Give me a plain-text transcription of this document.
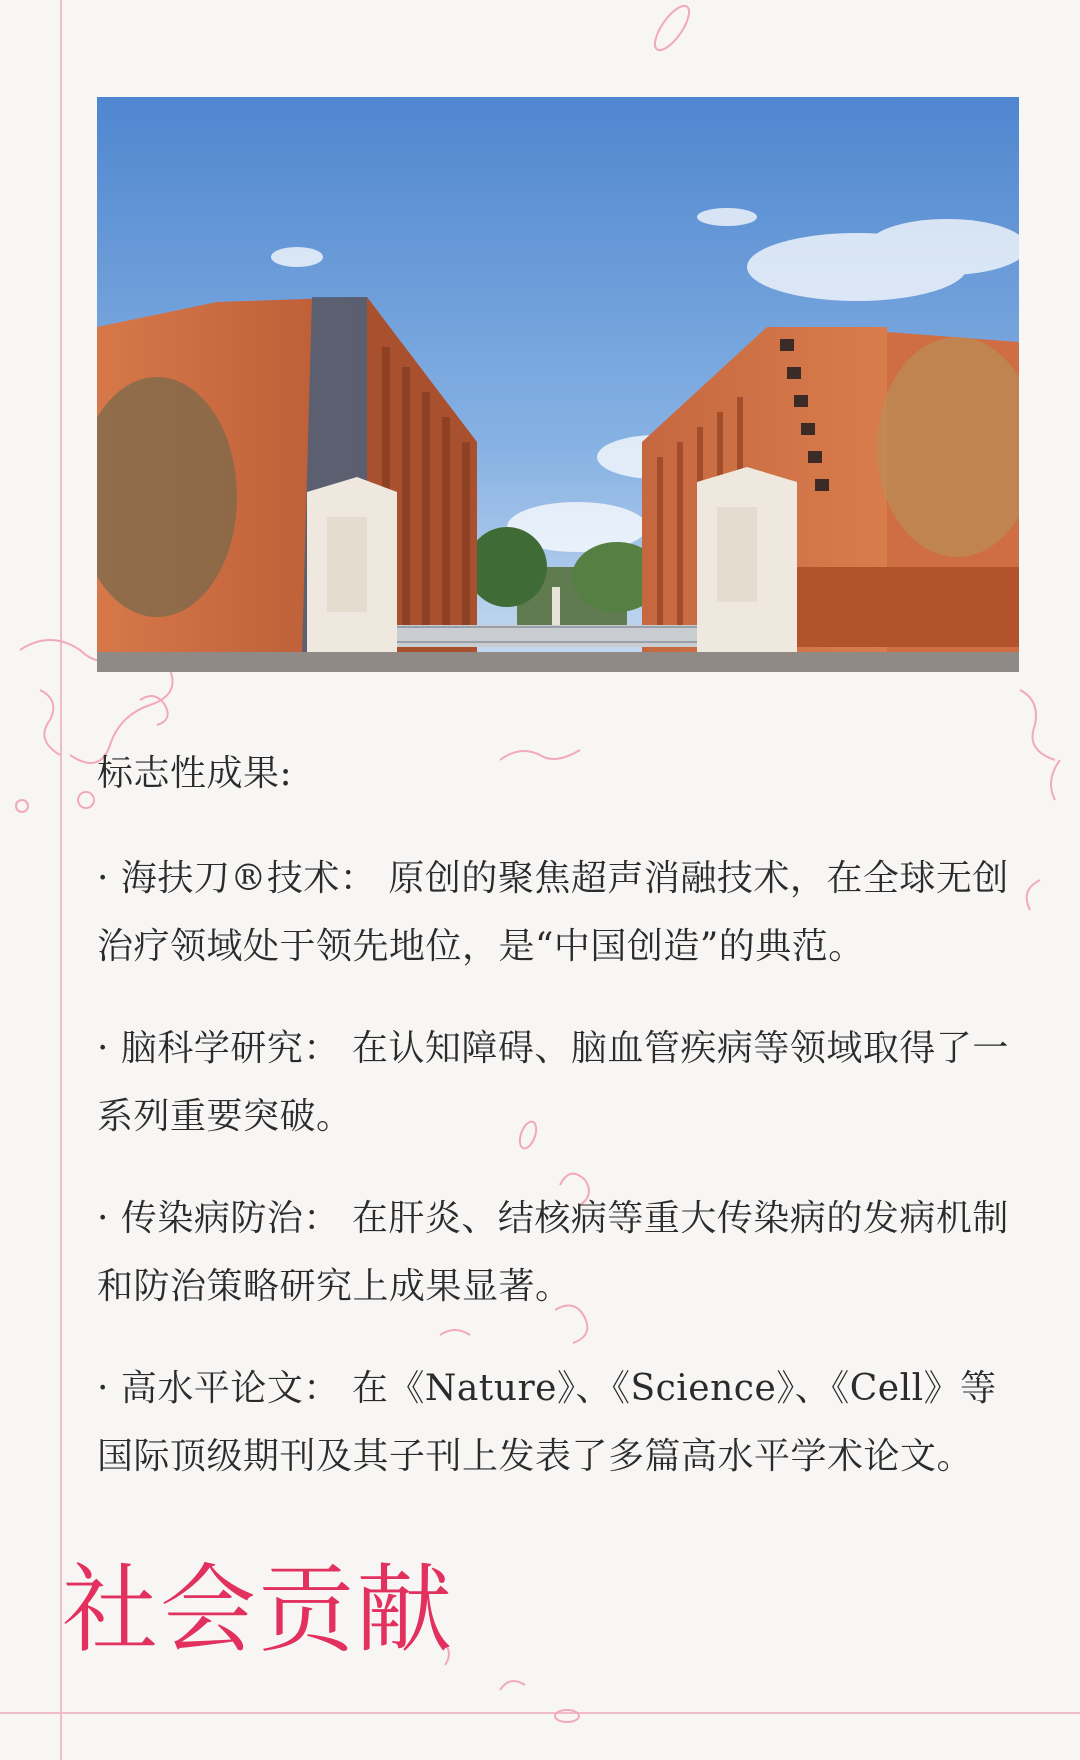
标志性成果:

· 海扶刀®技术： 原创的聚焦超声消融技术，在全球无创治疗领域处于领先地位，是“中国创造”的典范。

· 脑科学研究： 在认知障碍、脑血管疾病等领域取得了一系列重要突破。

· 传染病防治： 在肝炎、结核病等重大传染病的发病机制和防治策略研究上成果显著。

· 高水平论文： 在《Nature》、《Science》、《Cell》等国际顶级期刊及其子刊上发表了多篇高水平学术论文。

社会贡献
